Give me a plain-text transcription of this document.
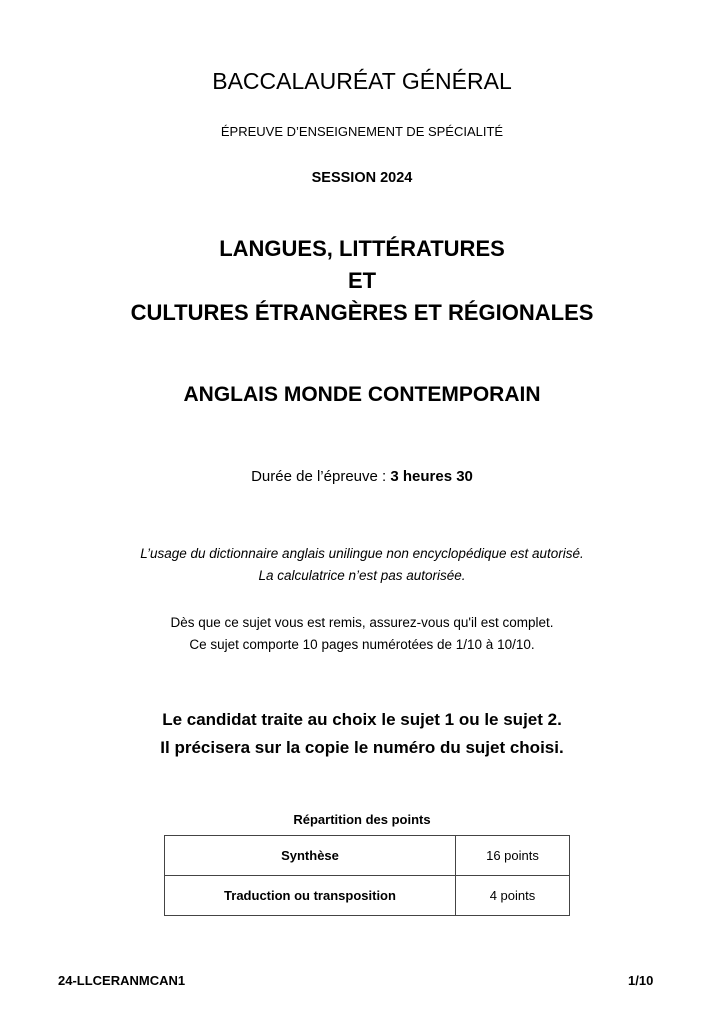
BACCALAURÉAT GÉNÉRAL
ÉPREUVE D’ENSEIGNEMENT DE SPÉCIALITÉ
SESSION 2024
LANGUES, LITTÉRATURES
ET
CULTURES ÉTRANGÈRES ET RÉGIONALES
ANGLAIS MONDE CONTEMPORAIN
Durée de l’épreuve : 3 heures 30
L’usage du dictionnaire anglais unilingue non encyclopédique est autorisé.
La calculatrice n’est pas autorisée.
Dès que ce sujet vous est remis, assurez-vous qu'il est complet.
Ce sujet comporte 10 pages numérotées de 1/10 à 10/10.
Le candidat traite au choix le sujet 1 ou le sujet 2.
Il précisera sur la copie le numéro du sujet choisi.
Répartition des points
Synthèse	16 points
Traduction ou transposition	4 points
24-LLCERANMCAN1	1/10
